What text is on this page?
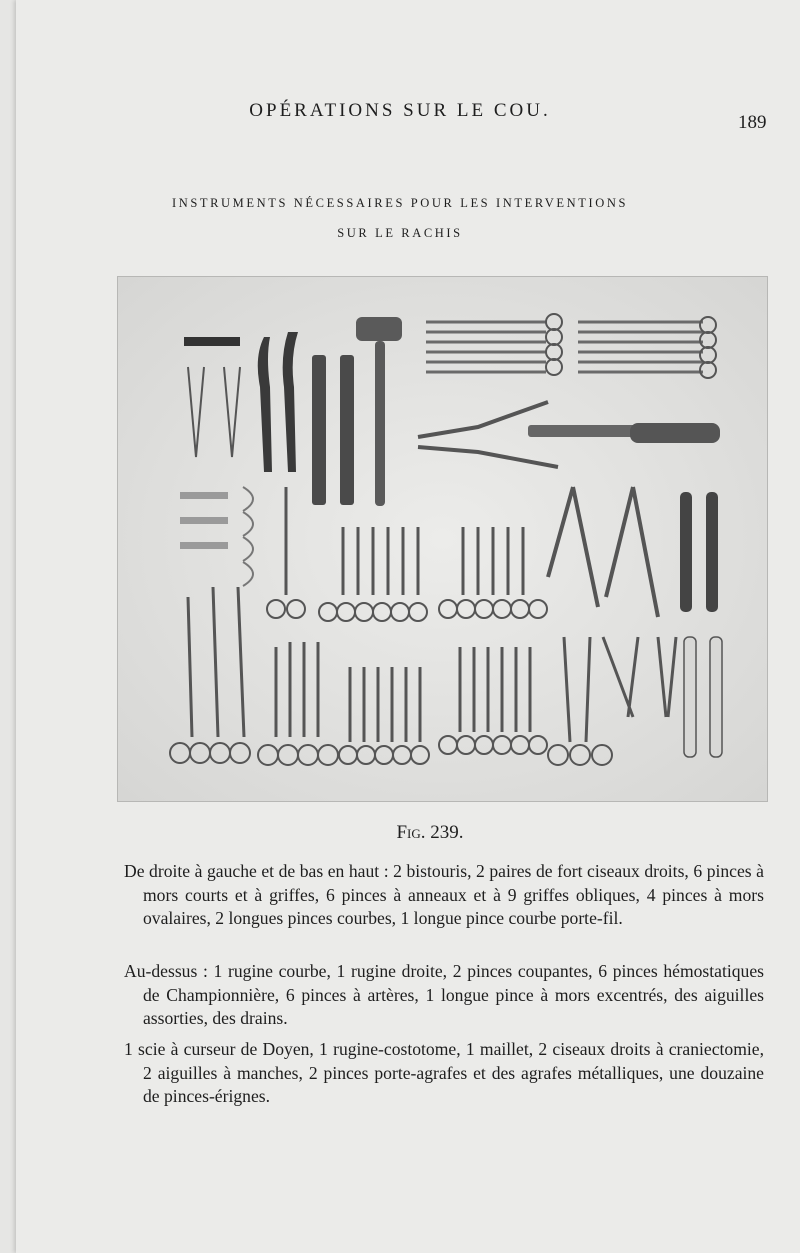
OPÉRATIONS SUR LE COU.
189
INSTRUMENTS NÉCESSAIRES POUR LES INTERVENTIONS
SUR LE RACHIS
Fig. 239.
De droite à gauche et de bas en haut : 2 bistouris, 2 paires de fort ciseaux droits, 6 pinces à mors courts et à griffes, 6 pinces à anneaux et à 9 griffes obliques, 4 pinces à mors ovalaires, 2 longues pinces courbes, 1 longue pince courbe porte-fil.
Au-dessus : 1 rugine courbe, 1 rugine droite, 2 pinces coupantes, 6 pinces hémostatiques de Championnière, 6 pinces à artères, 1 longue pince à mors excentrés, des aiguilles assorties, des drains.
1 scie à curseur de Doyen, 1 rugine-costotome, 1 maillet, 2 ciseaux droits à craniectomie, 2 aiguilles à manches, 2 pinces porte-agrafes et des agrafes métalliques, une douzaine de pinces-érignes.
